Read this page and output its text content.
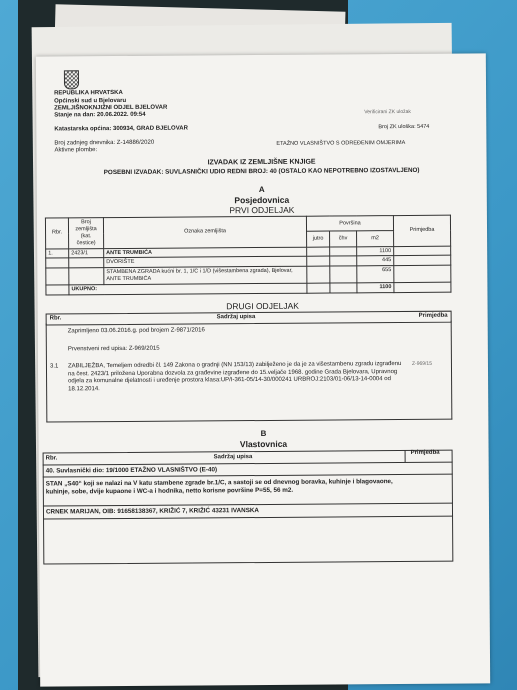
REPUBLIKA HRVATSKA
Općinski sud u Bjelovaru
ZEMLJIŠNOKNJIŽNI ODJEL BJELOVAR
Stanje na dan: 20.06.2022. 09:54	Verificirani ZK uložak
Katastarska općina: 300934, GRAD BJELOVAR	Broj ZK uloška: 5474
Broj zadnjeg dnevnika: Z-14886/2020
Aktivne plombe:
ETAŽNO VLASNIŠTVO S ODREĐENIM OMJERIMA
IZVADAK IZ ZEMLJIŠNE KNJIGE
POSEBNI IZVADAK: SUVLASNIČKI UDIO REDNI BROJ: 40 (OSTALO KAO NEPOTREBNO IZOSTAVLJENO)
A
Posjedovnica
PRVI ODJELJAK
Rbr.	Broj zemljišta (kat. čestice)	Oznaka zemljišta	Površina			Primjedba
			jutro	čhv	m2	
1.	2423/1	ANTE TRUMBIĆA			1100	
		DVORIŠTE			445	
		STAMBENA ZGRADA kućni br. 1, 1/C i 1/D (višestambena zgrada), Bjelovar, ANTE TRUMBIĆA			655	
	UKUPNO:				1100	
DRUGI ODJELJAK
Rbr.	Sadržaj upisa	Primjedba
Zaprimljeno 03.06.2016.g. pod brojem Z-9871/2016
Prvenstveni red upisa: Z-969/2015
3.1 ZABILJEŽBA, Temeljem odredbi čl. 149 Zakona o gradnji (NN 153/13) zabilježeno je da je za višestambenu zgradu izgrađenu na čest. 2423/1 priložena Uporabna dozvola za građevine izgrađene do 15.veljače 1968. godine Grada Bjelovara, Upravnog odjela za komunalne djelatnosti i uređenje prostora klasa:UP/I-361-05/14-30/000241 URBROJ:2103/01-06/13-14-0004 od 18.12.2014.
Z-969/15
B
Vlastovnica
Rbr.	Sadržaj upisa
Primjedba
40. Suvlasnički dio: 19/1000 ETAŽNO VLASNIŠTVO (E-40)
STAN „S40“ koji se nalazi na V katu stambene zgrade br.1/C, a sastoji se od dnevnog boravka, kuhinje i blagovaone, kuhinje, sobe, dvije kupaone i WC-a i hodnika, netto korisne površine P=55, 56 m2.
CRNEK MARIJAN, OIB: 91658138367, KRIŽIĆ 7, KRIŽIĆ 43231 IVANSKA
